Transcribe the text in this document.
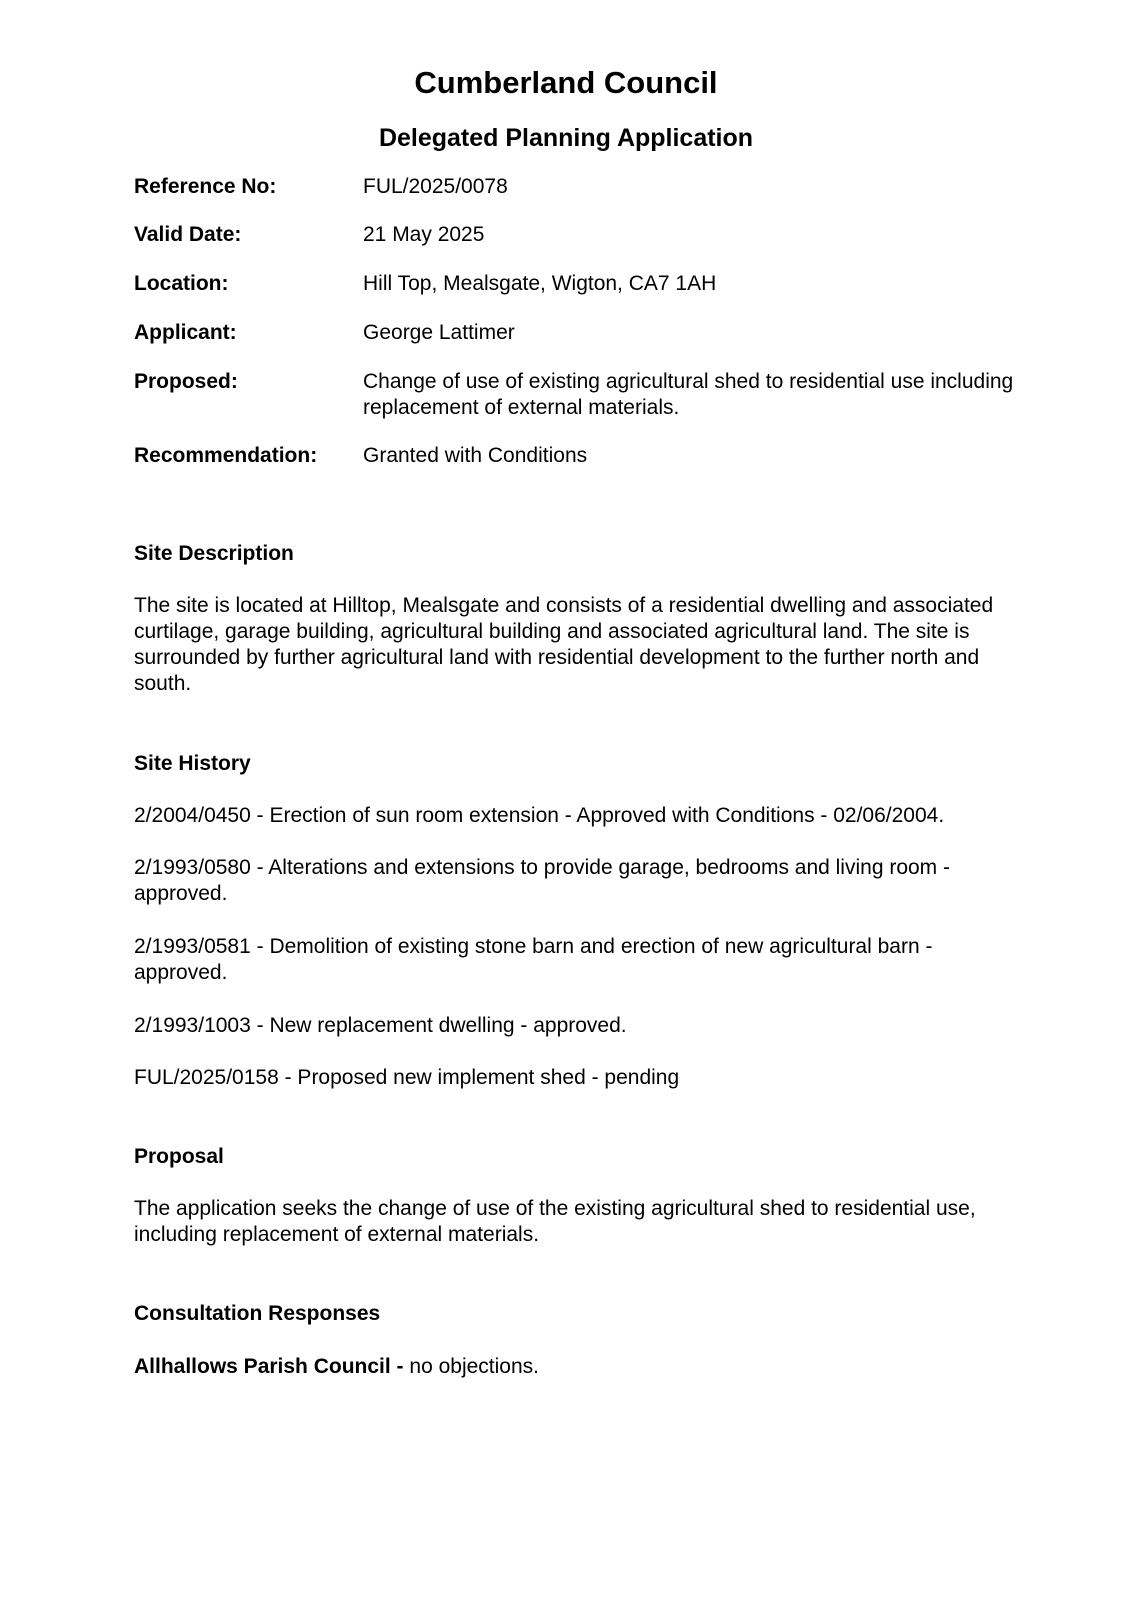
Cumberland Council
Delegated Planning Application
Reference No:	FUL/2025/0078
Valid Date:	21 May 2025
Location:	Hill Top, Mealsgate, Wigton, CA7 1AH
Applicant:	George Lattimer
Proposed:	Change of use of existing agricultural shed to residential use including replacement of external materials.
Recommendation: Granted with Conditions
Site Description

The site is located at Hilltop, Mealsgate and consists of a residential dwelling and associated curtilage, garage building, agricultural building and associated agricultural land. The site is surrounded by further agricultural land with residential development to the further north and south.

Site History

2/2004/0450 - Erection of sun room extension - Approved with Conditions - 02/06/2004.

2/1993/0580 - Alterations and extensions to provide garage, bedrooms and living room - approved.

2/1993/0581 - Demolition of existing stone barn and erection of new agricultural barn - approved.

2/1993/1003 - New replacement dwelling - approved.

FUL/2025/0158 - Proposed new implement shed - pending

Proposal

The application seeks the change of use of the existing agricultural shed to residential use, including replacement of external materials.

Consultation Responses

Allhallows Parish Council - no objections.
